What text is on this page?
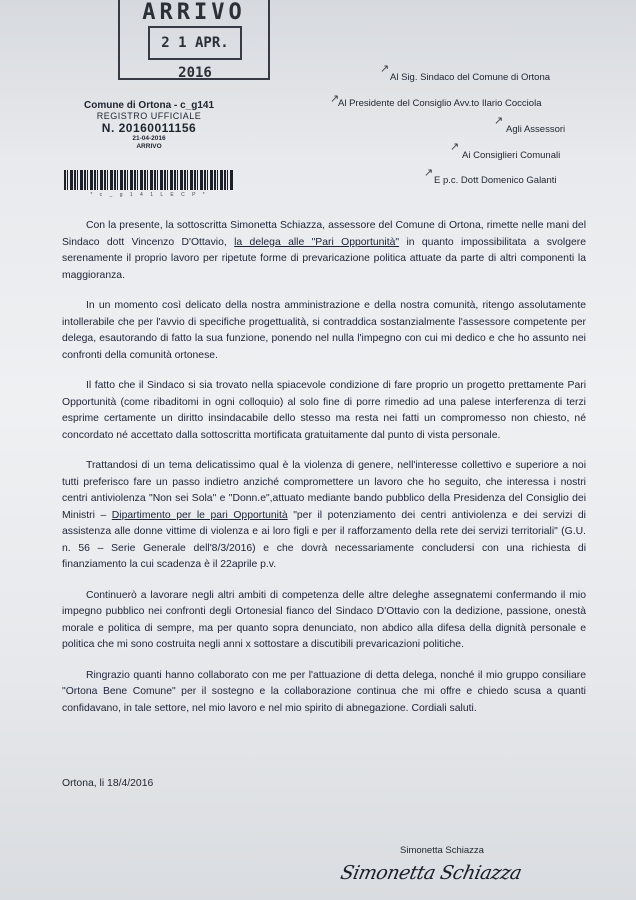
ARRIVO
2 1 APR. 2016
Comune di Ortona - c_g141
REGISTRO UFFICIALE
N. 20160011156
21-04-2016
ARRIVO
* c _ g 1 4 1 L E C P *
↗
Al Sig. Sindaco del Comune di Ortona
↗
Al Presidente del Consiglio Avv.to Ilario Cocciola
↗
Agli Assessori
↗
Ai Consiglieri Comunali
↗
E p.c. Dott Domenico Galanti

Con la presente, la sottoscritta Simonetta Schiazza, assessore del Comune di Ortona, rimette nelle mani del Sindaco dott Vincenzo D'Ottavio, la delega alle "Pari Opportunità" in quanto impossibilitata a svolgere serenamente il proprio lavoro per ripetute forme di prevaricazione politica attuate da parte di altri componenti la maggioranza.

In un momento così delicato della nostra amministrazione e della nostra comunità, ritengo assolutamente intollerabile che per l'avvio di specifiche progettualità, si contraddica sostanzialmente l'assessore competente per delega, esautorando di fatto la sua funzione, ponendo nel nulla l'impegno con cui mi dedico e che ho assunto nei confronti della comunità ortonese.

Il fatto che il Sindaco si sia trovato nella spiacevole condizione di fare proprio un progetto prettamente Pari Opportunità (come ribaditomi in ogni colloquio) al solo fine di porre rimedio ad una palese interferenza di terzi esprime certamente un diritto insindacabile dello stesso ma resta nei fatti un compromesso non chiesto, né concordato né accettato dalla sottoscritta mortificata gratuitamente dal punto di vista personale.

Trattandosi di un tema delicatissimo qual è la violenza di genere, nell'interesse collettivo e superiore a noi tutti preferisco fare un passo indietro anziché compromettere un lavoro che ho seguito, che interessa i nostri centri antiviolenza "Non sei Sola" e "Donn.e",attuato mediante bando pubblico della Presidenza del Consiglio dei Ministri – Dipartimento per le pari Opportunità "per il potenziamento dei centri antiviolenza e dei servizi di assistenza alle donne vittime di violenza e ai loro figli e per il rafforzamento della rete dei servizi territoriali" (G.U. n. 56 – Serie Generale dell'8/3/2016) e che dovrà necessariamente concludersi con una richiesta di finanziamento la cui scadenza è il 22aprile p.v.

Continuerò a lavorare negli altri ambiti di competenza delle altre deleghe assegnatemi confermando il mio impegno pubblico nei confronti degli Ortonesial fianco del Sindaco D'Ottavio con la dedizione, passione, onestà morale e politica di sempre, ma per quanto sopra denunciato, non abdico alla difesa della dignità personale e politica che mi sono costruita negli anni x sottostare a discutibili prevaricazioni politiche.

Ringrazio quanti hanno collaborato con me per l'attuazione di detta delega, nonché il mio gruppo consiliare "Ortona Bene Comune" per il sostegno e la collaborazione continua che mi offre e chiedo scusa a quanti confidavano, in tale settore, nel mio lavoro e nel mio spirito di abnegazione. Cordiali saluti.

Ortona, li 18/4/2016
Simonetta Schiazza
Simonetta Schiazza
